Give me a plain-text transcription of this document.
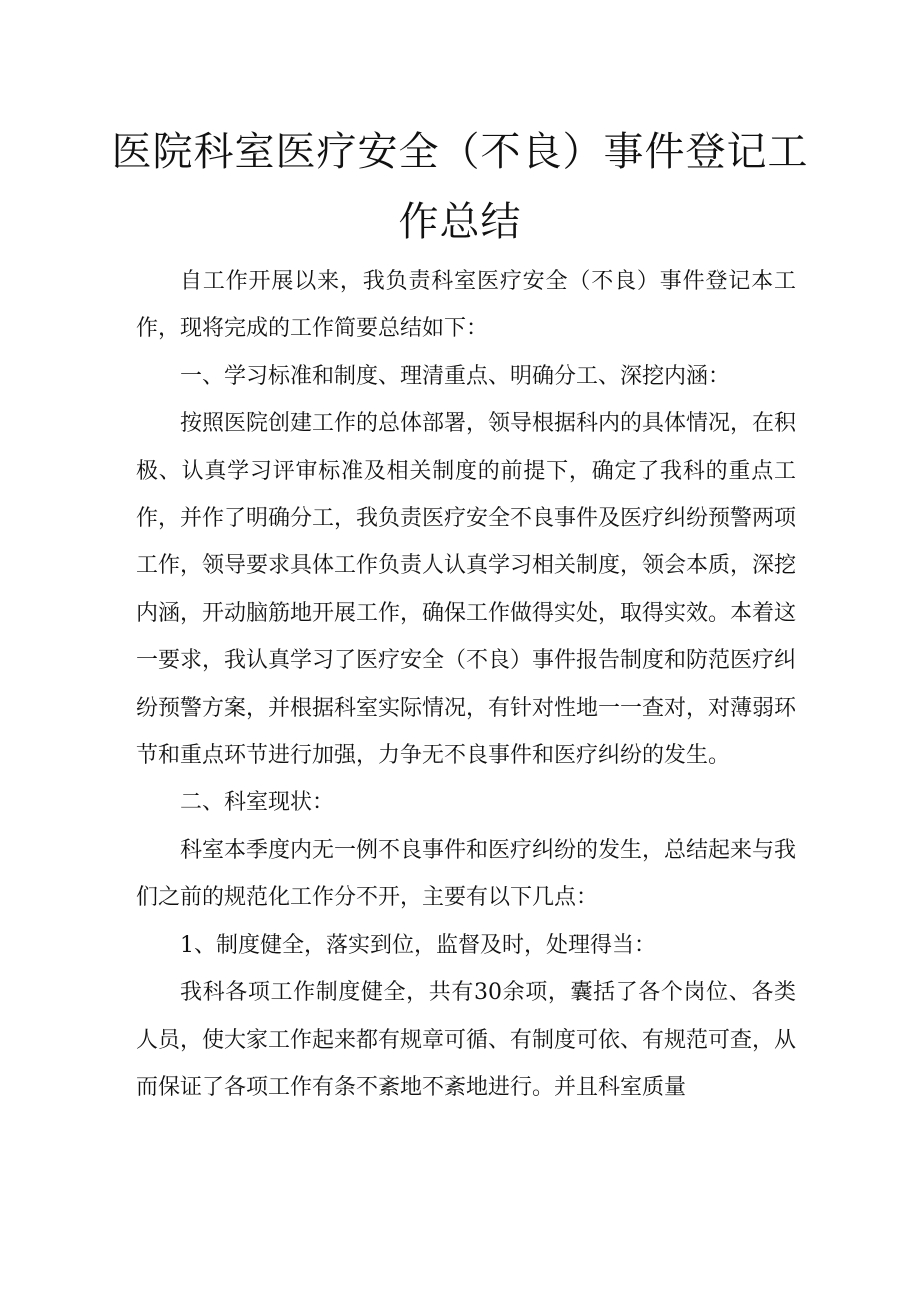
医院科室医疗安全（不良）事件登记工
作总结

自工作开展以来，我负责科室医疗安全（不良）事件登记本工作，现将完成的工作简要总结如下：

一、学习标准和制度、理清重点、明确分工、深挖内涵：

按照医院创建工作的总体部署，领导根据科内的具体情况，在积极、认真学习评审标准及相关制度的前提下，确定了我科的重点工作，并作了明确分工，我负责医疗安全不良事件及医疗纠纷预警两项工作，领导要求具体工作负责人认真学习相关制度，领会本质，深挖内涵，开动脑筋地开展工作，确保工作做得实处，取得实效。本着这一要求，我认真学习了医疗安全（不良）事件报告制度和防范医疗纠纷预警方案，并根据科室实际情况，有针对性地一一查对，对薄弱环节和重点环节进行加强，力争无不良事件和医疗纠纷的发生。

二、科室现状：

科室本季度内无一例不良事件和医疗纠纷的发生，总结起来与我们之前的规范化工作分不开，主要有以下几点：

1、制度健全，落实到位，监督及时，处理得当：

我科各项工作制度健全，共有30余项，囊括了各个岗位、各类人员，使大家工作起来都有规章可循、有制度可依、有规范可查，从而保证了各项工作有条不紊地不紊地进行。并且科室质量
